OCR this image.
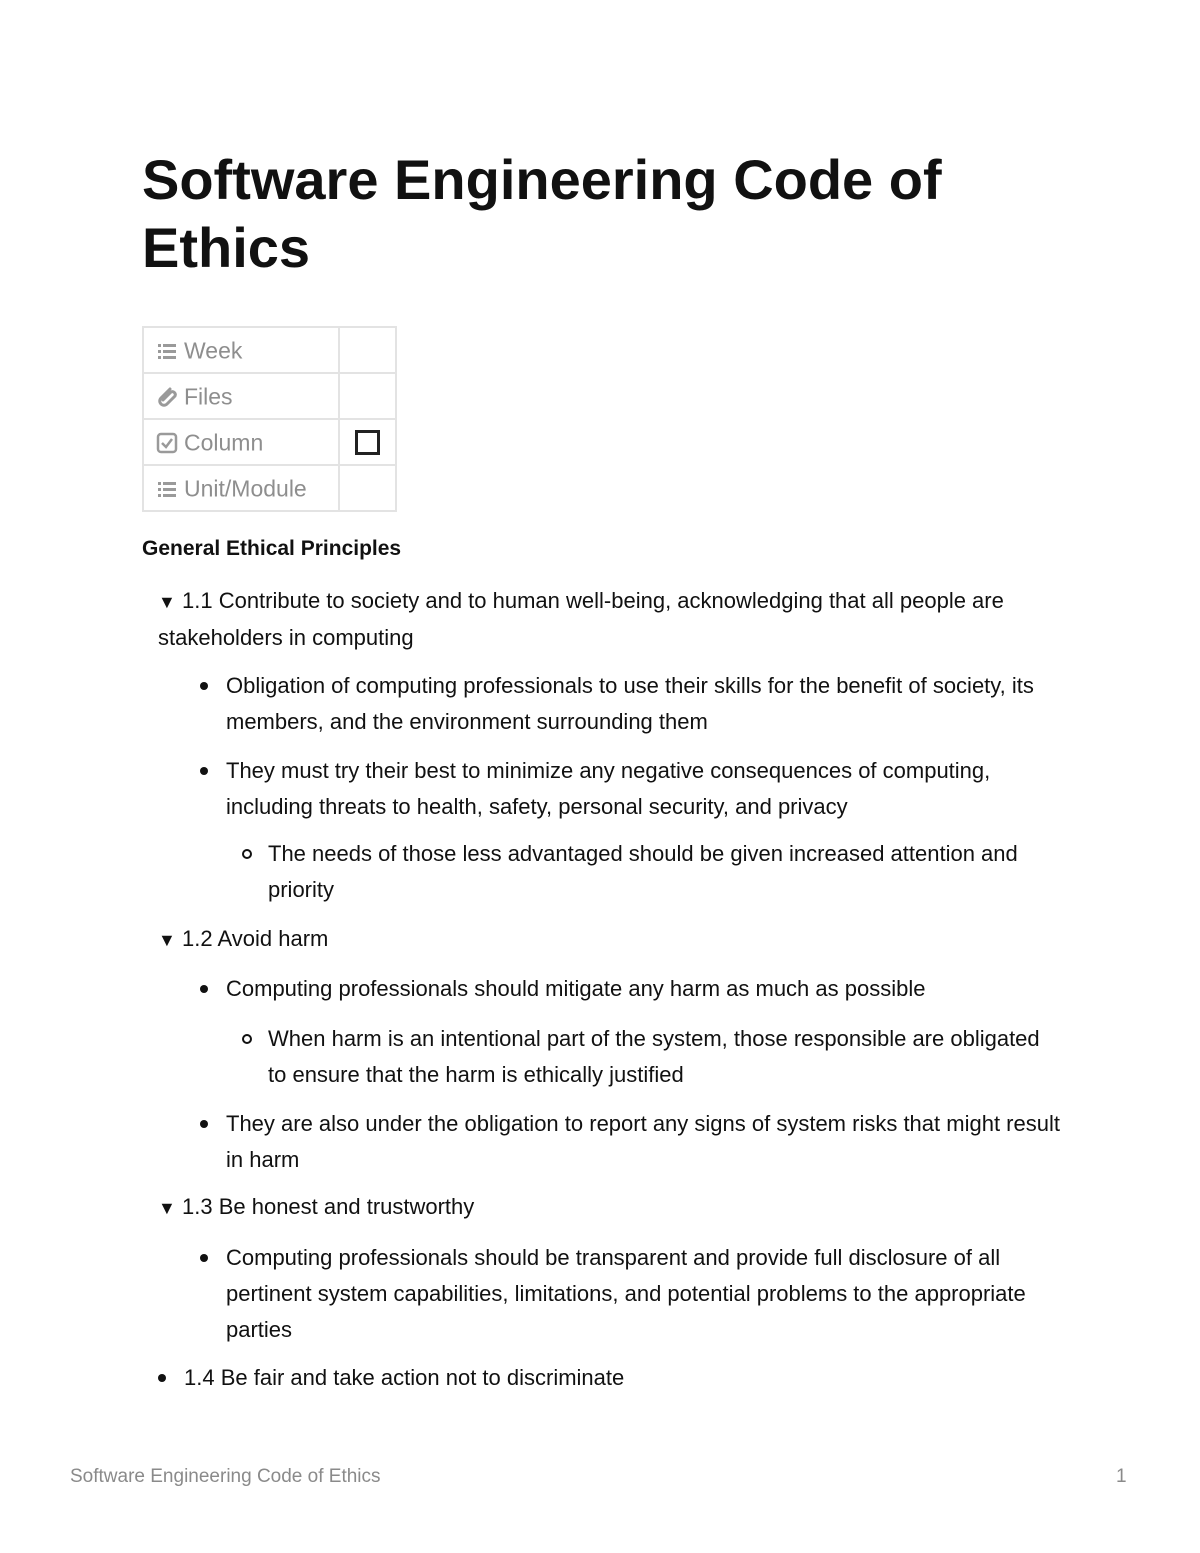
Software Engineering Code of Ethics
Week	

Files	

Column	

Unit/Module	
General Ethical Principles
▼ 1.1 Contribute to society and to human well-being, acknowledging that all people are stakeholders in computing
Obligation of computing professionals to use their skills for the benefit of society, its members, and the environment surrounding them
They must try their best to minimize any negative consequences of computing, including threats to health, safety, personal security, and privacy
The needs of those less advantaged should be given increased attention and priority
▼ 1.2 Avoid harm
Computing professionals should mitigate any harm as much as possible
When harm is an intentional part of the system, those responsible are obligated to ensure that the harm is ethically justified
They are also under the obligation to report any signs of system risks that might result in harm
▼ 1.3 Be honest and trustworthy
Computing professionals should be transparent and provide full disclosure of all pertinent system capabilities, limitations, and potential problems to the appropriate parties
1.4 Be fair and take action not to discriminate
Software Engineering Code of Ethics	1
